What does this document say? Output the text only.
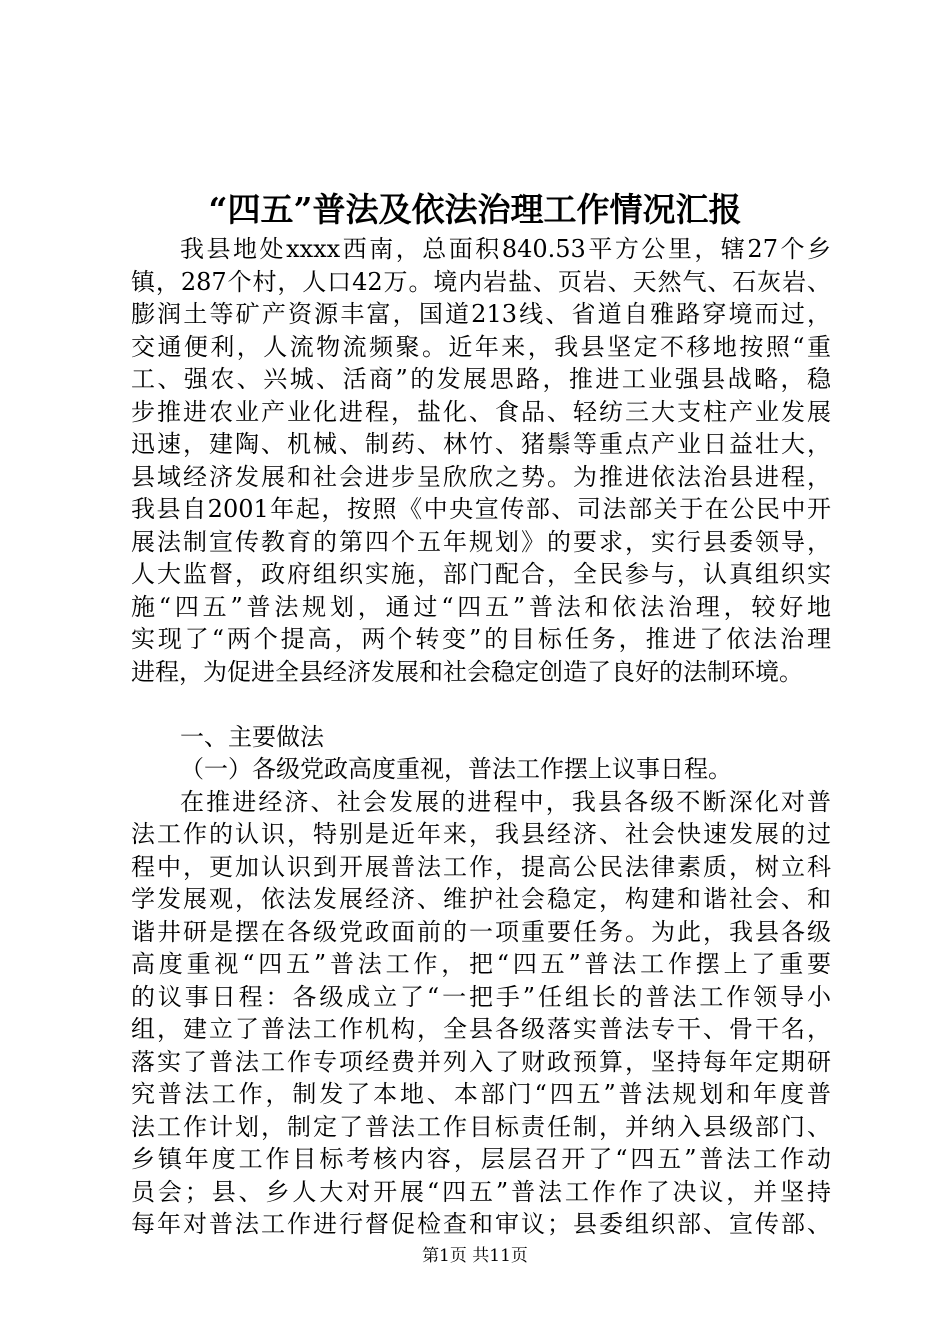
“四五”普法及依法治理工作情况汇报
我县地处xxxx西南，总面积840.53平方公里，辖27个乡
镇，287个村，人口42万。境内岩盐、页岩、天然气、石灰岩、
膨润土等矿产资源丰富，国道213线、省道自雅路穿境而过，
交通便利，人流物流频聚。近年来，我县坚定不移地按照“重
工、强农、兴城、活商”的发展思路，推进工业强县战略，稳
步推进农业产业化进程，盐化、食品、轻纺三大支柱产业发展
迅速，建陶、机械、制药、林竹、猪鬃等重点产业日益壮大，
县域经济发展和社会进步呈欣欣之势。为推进依法治县进程，
我县自2001年起，按照《中央宣传部、司法部关于在公民中开
展法制宣传教育的第四个五年规划》的要求，实行县委领导，
人大监督，政府组织实施，部门配合，全民参与，认真组织实
施“四五”普法规划，通过“四五”普法和依法治理，较好地
实现了“两个提高，两个转变”的目标任务，推进了依法治理
进程，为促进全县经济发展和社会稳定创造了良好的法制环境。
一、主要做法
（一）各级党政高度重视，普法工作摆上议事日程。
在推进经济、社会发展的进程中，我县各级不断深化对普
法工作的认识，特别是近年来，我县经济、社会快速发展的过
程中，更加认识到开展普法工作，提高公民法律素质，树立科
学发展观，依法发展经济、维护社会稳定，构建和谐社会、和
谐井研是摆在各级党政面前的一项重要任务。为此，我县各级
高度重视“四五”普法工作，把“四五”普法工作摆上了重要
的议事日程：各级成立了“一把手”任组长的普法工作领导小
组，建立了普法工作机构，全县各级落实普法专干、骨干名，
落实了普法工作专项经费并列入了财政预算，坚持每年定期研
究普法工作，制发了本地、本部门“四五”普法规划和年度普
法工作计划，制定了普法工作目标责任制，并纳入县级部门、
乡镇年度工作目标考核内容，层层召开了“四五”普法工作动
员会；县、乡人大对开展“四五”普法工作作了决议，并坚持
每年对普法工作进行督促检查和审议；县委组织部、宣传部、
第1页 共11页
